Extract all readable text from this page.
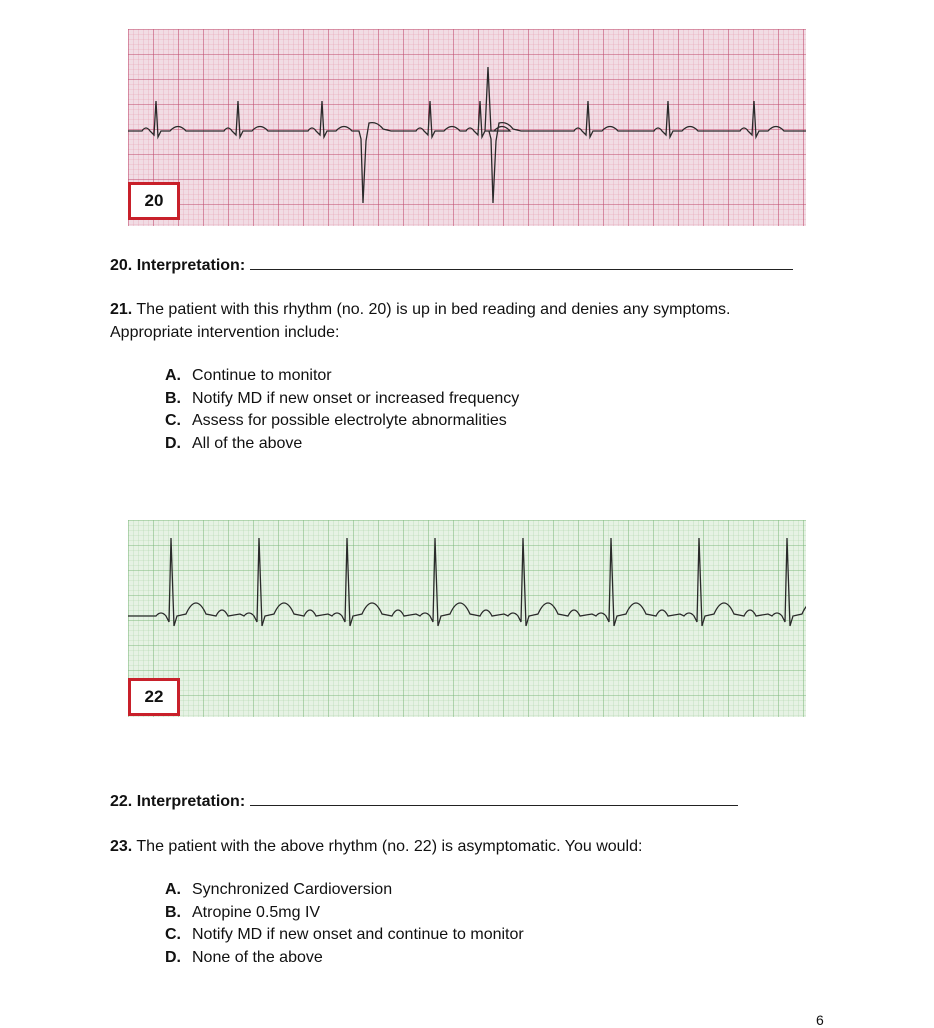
20
20. Interpretation:
21. The patient with this rhythm (no. 20) is up in bed reading and denies any symptoms.
Appropriate intervention include:
A. Continue to monitor
B. Notify MD if new onset or increased frequency
C. Assess for possible electrolyte abnormalities
D. All of the above
22
22. Interpretation:
23. The patient with the above rhythm (no. 22) is asymptomatic. You would:
A. Synchronized Cardioversion
B. Atropine 0.5mg IV
C. Notify MD if new onset and continue to monitor
D. None of the above
6
